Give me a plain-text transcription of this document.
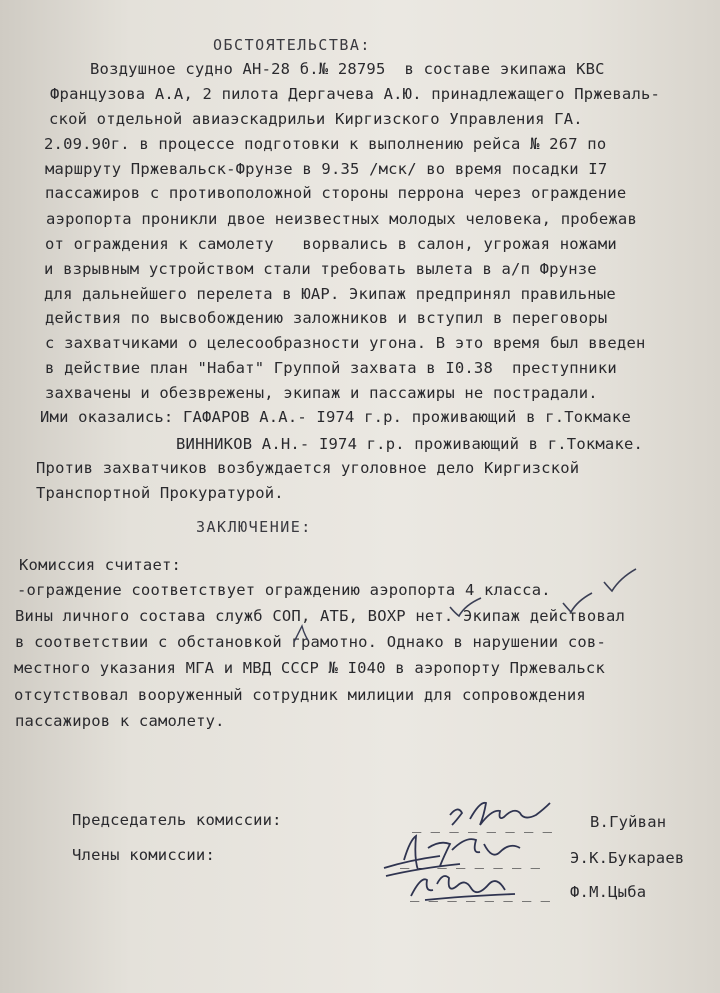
ОБСТОЯТЕЛЬСТВА:
Воздушное судно АН-28 б.№ 28795  в составе экипажа КВС
Французова А.А, 2 пилота Дергачева А.Ю. принадлежащего Пржеваль-
ской отдельной авиаэскадрильи Киргизского Управления ГА.
2.09.90г. в процессе подготовки к выполнению рейса № 267 по
маршруту Пржевальск-Фрунзе в 9.35 /мск/ во время посадки I7
пассажиров с противоположной стороны перрона через ограждение
аэропорта проникли двое неизвестных молодых человека, пробежав
от ограждения к самолету   ворвались в салон, угрожая ножами
и взрывным устройством стали требовать вылета в а/п Фрунзе
для дальнейшего перелета в ЮАР. Экипаж предпринял правильные
действия по высвобождению заложников и вступил в переговоры
с захватчиками о целесообразности угона. В это время был введен
в действие план "Набат" Группой захвата в I0.38  преступники
захвачены и обезврежены, экипаж и пассажиры не пострадали.
Ими оказались: ГАФАРОВ А.А.- I974 г.р. проживающий в г.Токмаке
ВИННИКОВ А.Н.- I974 г.р. проживающий в г.Токмаке.
Против захватчиков возбуждается уголовное дело Киргизской
Транспортной Прокуратурой.
ЗАКЛЮЧЕНИЕ:
Комиссия считает:
-ограждение соответствует ограждению аэропорта 4 класса.
Вины личного состава служб СОП, АТБ, ВОХР нет. Экипаж действовал
в соответствии с обстановкой грамотно. Однако в нарушении сов-
местного указания МГА и МВД СССР № I040 в аэропорту Пржевальск
отсутствовал вооруженный сотрудник милиции для сопровождения
пассажиров к самолету.
Председатель комиссии:	_ _ _ _ _ _ _ _ В.Гуйван
Члены комиссии:	_ _ _ _ _ _ _ _ Э.К.Букараев
_ _ _ _ _ _ _ _ Ф.М.Цыба
